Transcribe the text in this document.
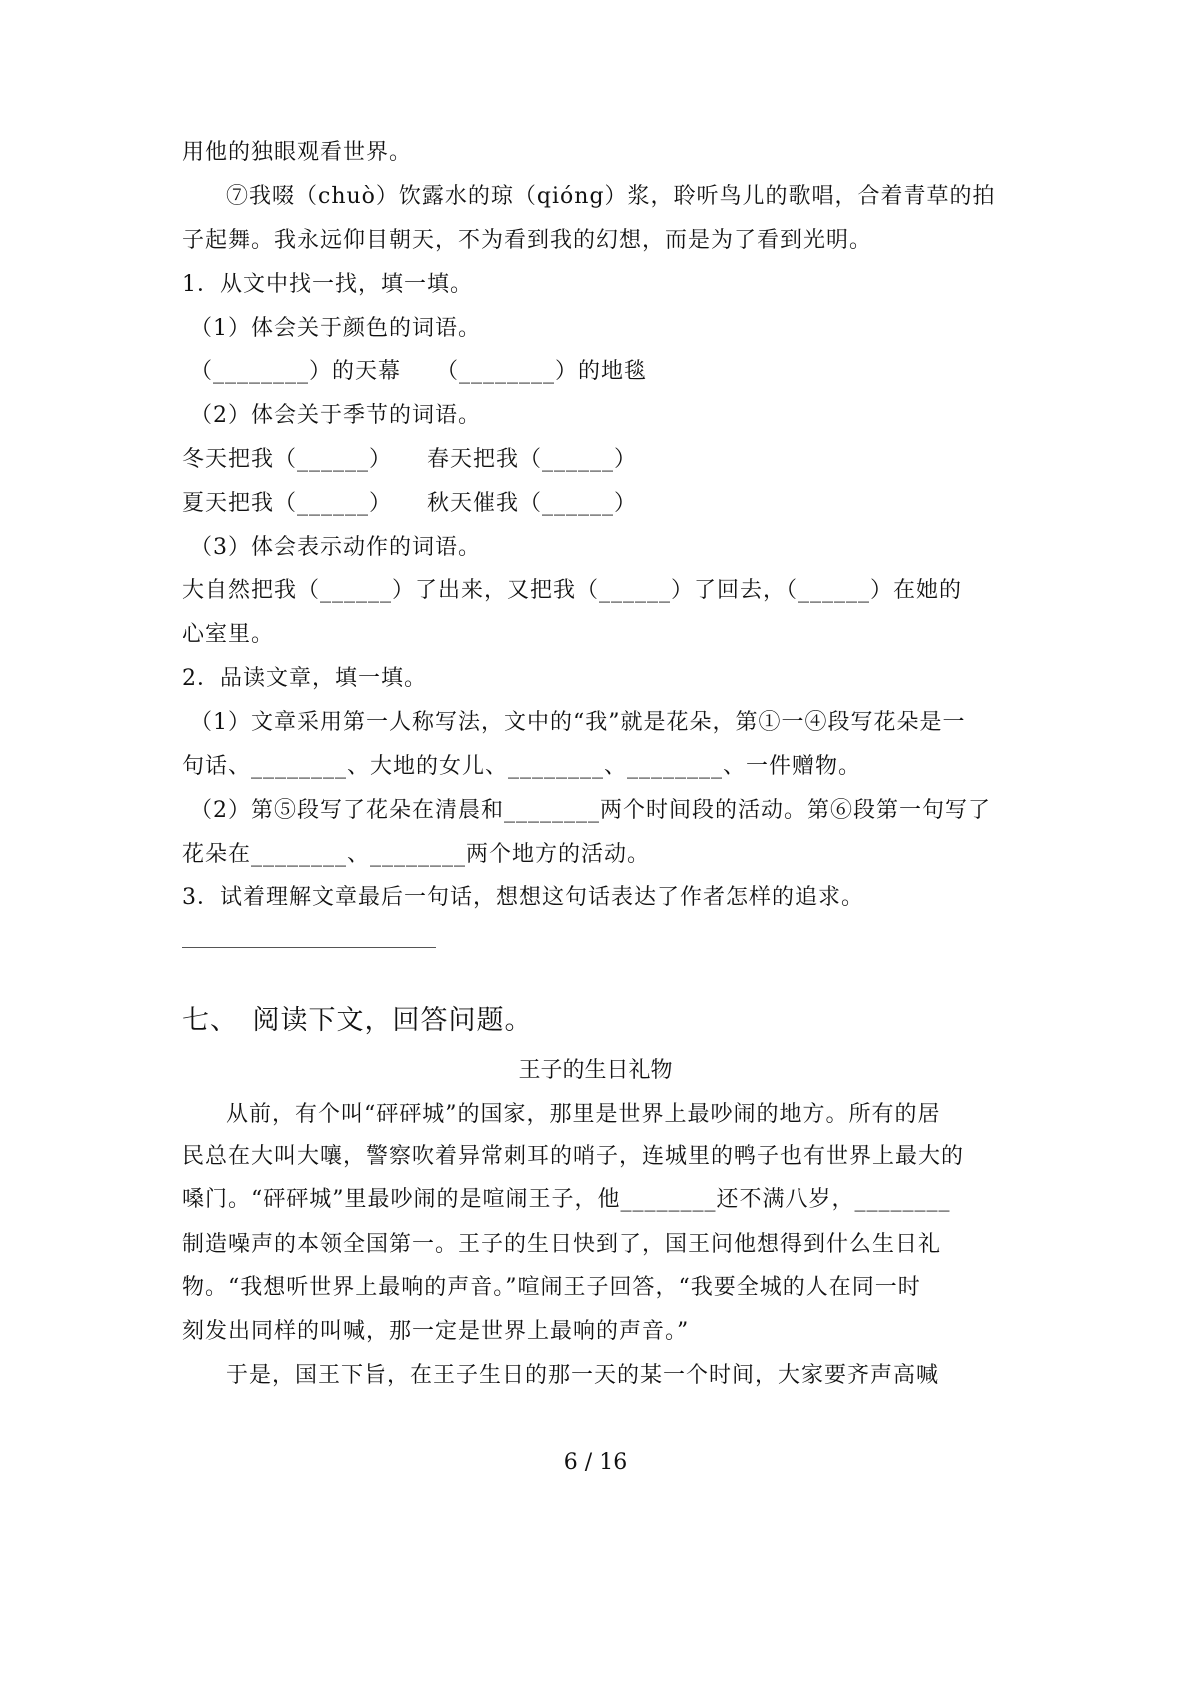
用他的独眼观看世界。
⑦我啜（chuò）饮露水的琼（qióng）浆，聆听鸟儿的歌唱，合着青草的拍
子起舞。我永远仰目朝天，不为看到我的幻想，而是为了看到光明。
1．从文中找一找，填一填。
（1）体会关于颜色的词语。
（________）的天幕　　（________）的地毯
（2）体会关于季节的词语。
冬天把我（______）　　春天把我（______）
夏天把我（______）　　秋天催我（______）
（3）体会表示动作的词语。
大自然把我（______）了出来，又把我（______）了回去，（______）在她的
心室里。
2．品读文章，填一填。
（1）文章采用第一人称写法，文中的“我”就是花朵，第①一④段写花朵是一
句话、________、大地的女儿、________、________、一件赠物。
（2）第⑤段写了花朵在清晨和________两个时间段的活动。第⑥段第一句写了
花朵在________、________两个地方的活动。
3．试着理解文章最后一句话，想想这句话表达了作者怎样的追求。
七、　阅读下文，回答问题。
王子的生日礼物
从前，有个叫“砰砰城”的国家，那里是世界上最吵闹的地方。所有的居
民总在大叫大嚷，警察吹着异常刺耳的哨子，连城里的鸭子也有世界上最大的
嗓门。“砰砰城”里最吵闹的是喧闹王子，他________还不满八岁，________
制造噪声的本领全国第一。王子的生日快到了，国王问他想得到什么生日礼
物。“我想听世界上最响的声音。”喧闹王子回答，“我要全城的人在同一时
刻发出同样的叫喊，那一定是世界上最响的声音。”
于是，国王下旨，在王子生日的那一天的某一个时间，大家要齐声高喊
6 / 16
